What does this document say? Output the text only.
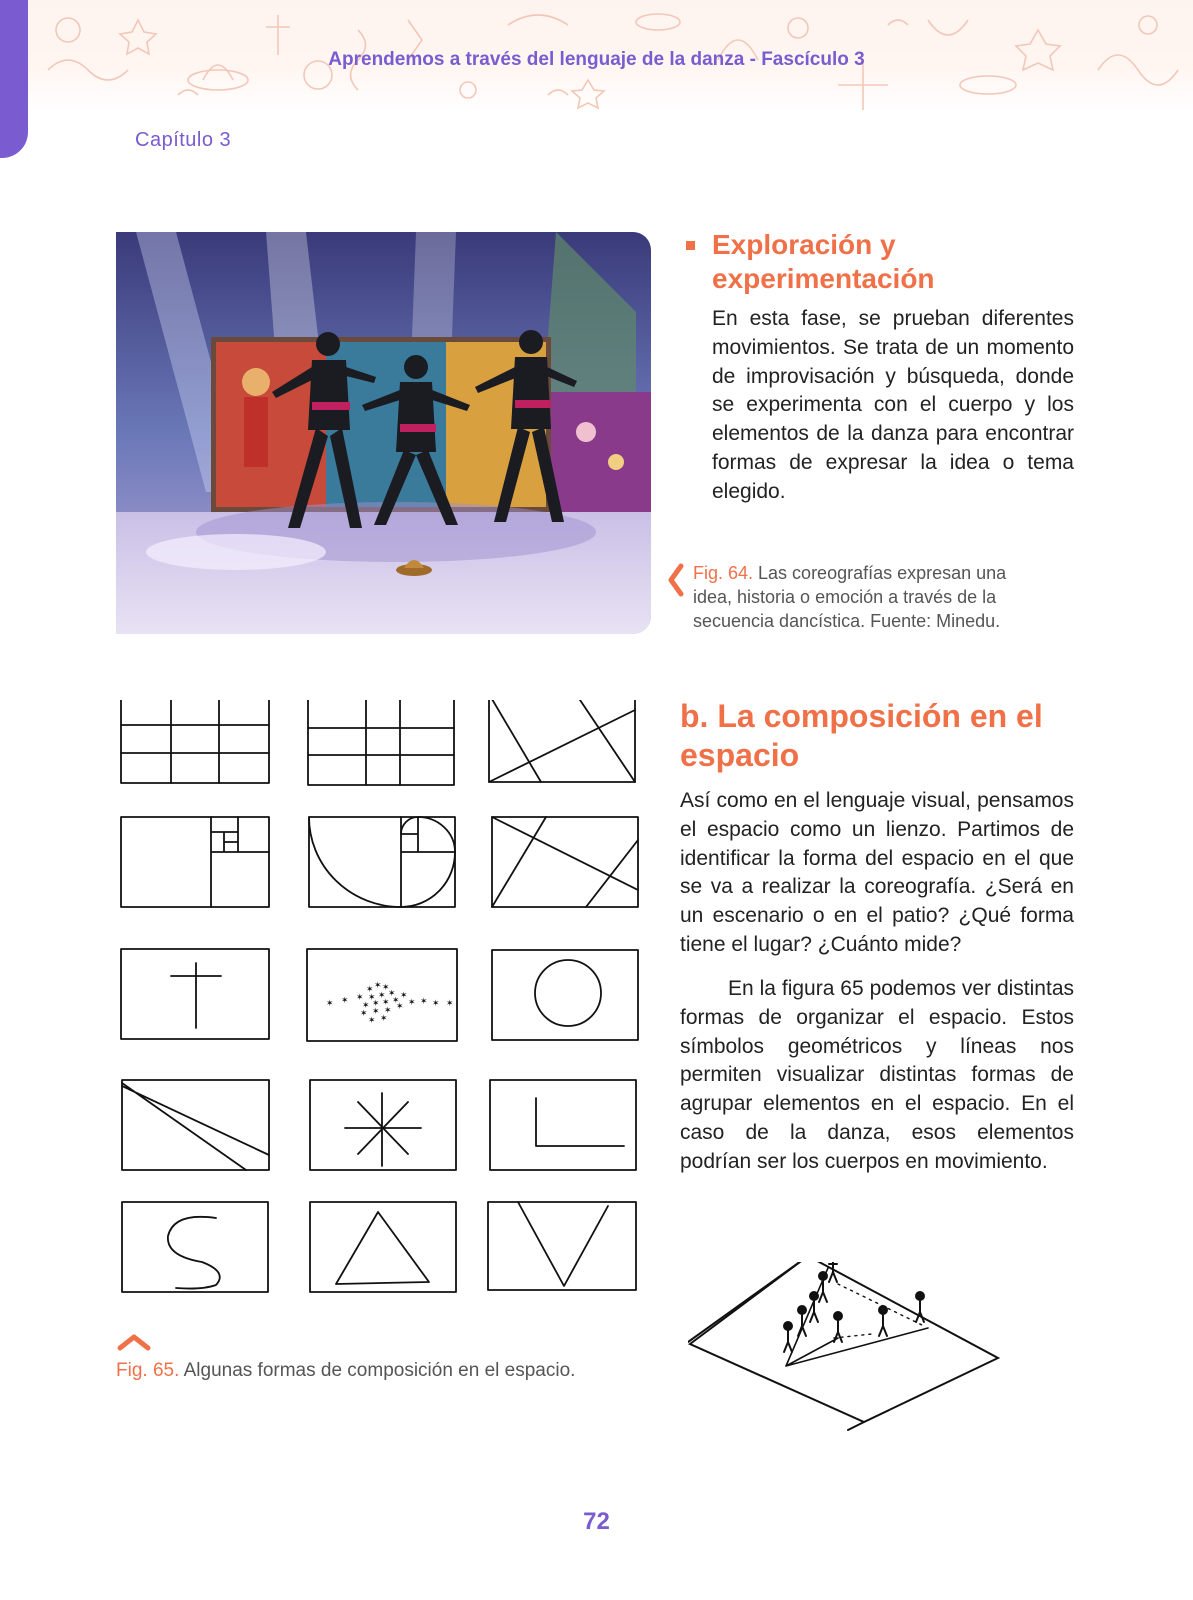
Aprendemos a través del lenguaje de la danza - Fascículo 3
Capítulo 3
Exploración y experimentación
En esta fase, se prueban diferentes movimientos. Se trata de un momento de improvisación y búsqueda, donde se experimenta con el cuerpo y los elementos de la danza para encontrar formas de expresar la idea o tema elegido.
Fig. 64. Las coreografías expresan una idea, historia o emoción a través de la secuencia dancística. Fuente: Minedu.
✶ ✶ ✶
✶ ✶ ✶
✶ ✶ ✶
✶ ✶ ✶ ✶ ✶
✶ ✶ ✶ ✶ ✶ ✶ ✶ ✶
✶ ✶
Fig. 65. Algunas formas de composición en el espacio.
b. La composición en el espacio
Así como en el lenguaje visual, pensamos el espacio como un lienzo. Partimos de identificar la forma del espacio en el que se va a realizar la coreografía. ¿Será en un escenario o en el patio? ¿Qué forma tiene el lugar? ¿Cuánto mide?
En la figura 65 podemos ver distintas formas de organizar el espacio. Estos símbolos geométricos y líneas nos permiten visualizar distintas formas de agrupar elementos en el espacio. En el caso de la danza, esos elementos podrían ser los cuerpos en movimiento.
72
